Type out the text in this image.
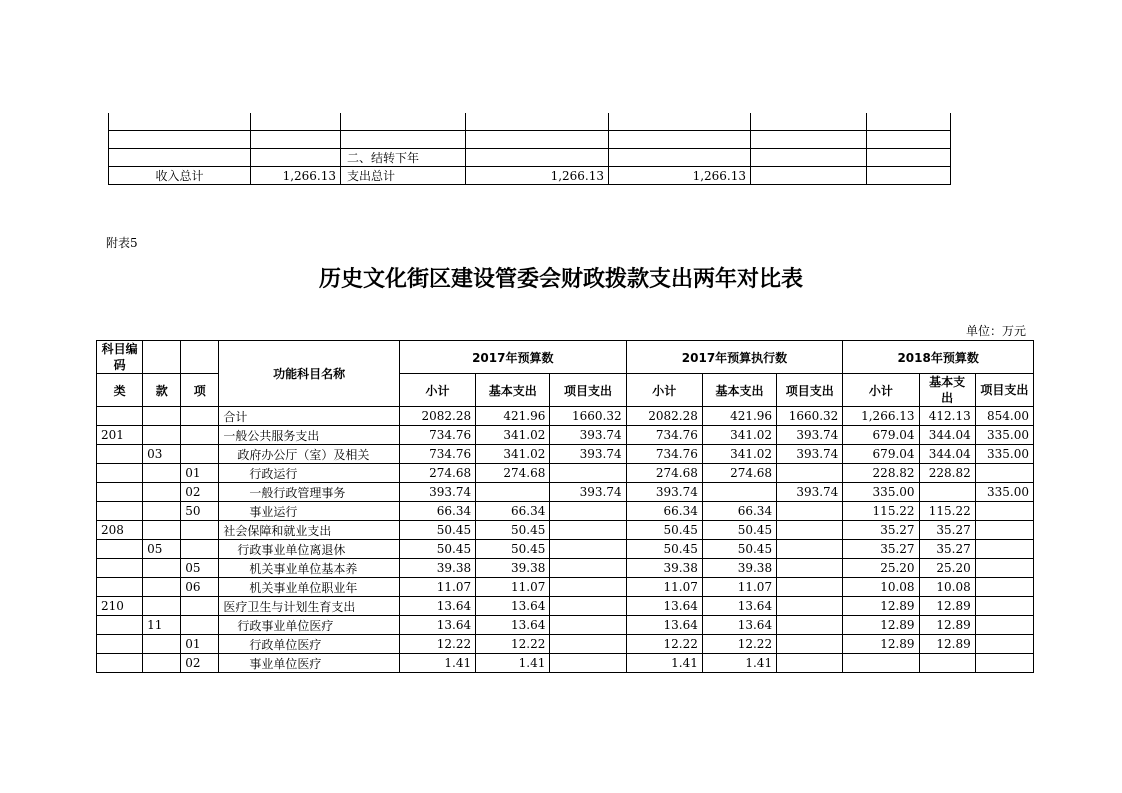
		二、结转下年				
收入总计	1,266.13	支出总计	1,266.13	1,266.13		
附表5
历史文化街区建设管委会财政拨款支出两年对比表
单位：万元
科目编码			功能科目名称	2017年预算数			2017年预算执行数			2018年预算数		
类	款	项		小计	基本支出	项目支出	小计	基本支出	项目支出	小计	基本支出	项目支出
			合计	2082.28	421.96	1660.32	2082.28	421.96	1660.32	1,266.13	412.13	854.00
201			一般公共服务支出	734.76	341.02	393.74	734.76	341.02	393.74	679.04	344.04	335.00
	03		政府办公厅（室）及相关	734.76	341.02	393.74	734.76	341.02	393.74	679.04	344.04	335.00
		01	行政运行	274.68	274.68		274.68	274.68		228.82	228.82	
		02	一般行政管理事务	393.74		393.74	393.74		393.74	335.00		335.00
		50	事业运行	66.34	66.34		66.34	66.34		115.22	115.22	
208			社会保障和就业支出	50.45	50.45		50.45	50.45		35.27	35.27	
	05		行政事业单位离退休	50.45	50.45		50.45	50.45		35.27	35.27	
		05	机关事业单位基本养	39.38	39.38		39.38	39.38		25.20	25.20	
		06	机关事业单位职业年	11.07	11.07		11.07	11.07		10.08	10.08	
210			医疗卫生与计划生育支出	13.64	13.64		13.64	13.64		12.89	12.89	
	11		行政事业单位医疗	13.64	13.64		13.64	13.64		12.89	12.89	
		01	行政单位医疗	12.22	12.22		12.22	12.22		12.89	12.89	
		02	事业单位医疗	1.41	1.41		1.41	1.41				
